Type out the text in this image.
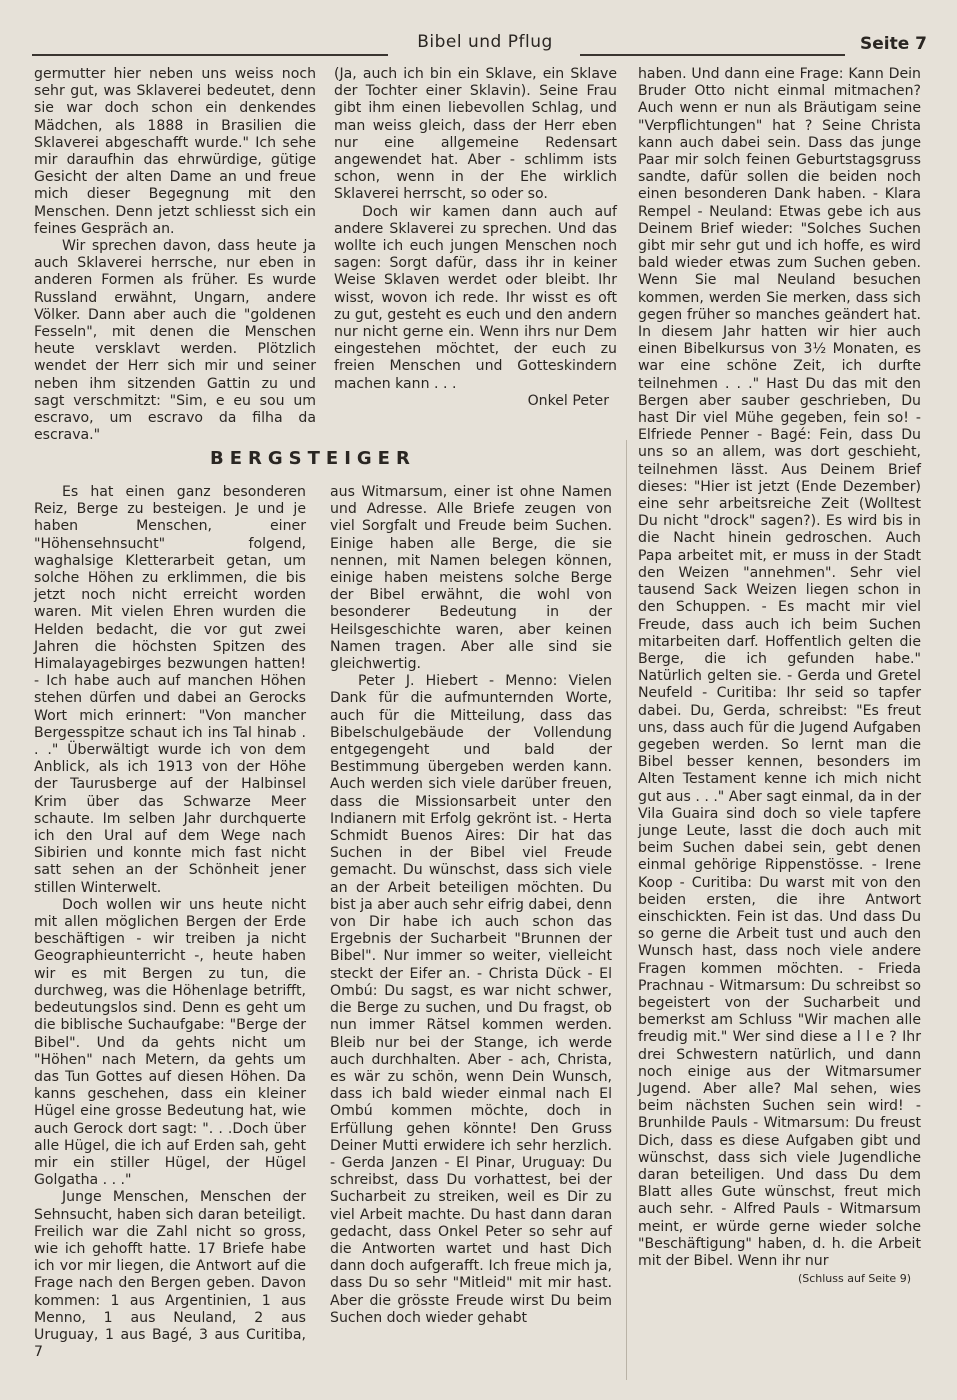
Bibel und Pflug	Seite 7

germutter hier neben uns weiss noch sehr gut, was Sklaverei bedeutet, denn sie war doch schon ein denkendes Mädchen, als 1888 in Brasilien die Sklaverei abgeschafft wurde." Ich sehe mir daraufhin das ehrwürdige, gütige Gesicht der alten Dame an und freue mich dieser Begegnung mit den Menschen. Denn jetzt schliesst sich ein feines Gespräch an.

Wir sprechen davon, dass heute ja auch Sklaverei herrsche, nur eben in anderen Formen als früher. Es wurde Russland erwähnt, Ungarn, andere Völker. Dann aber auch die "goldenen Fesseln", mit denen die Menschen heute versklavt werden. Plötzlich wendet der Herr sich mir und seiner neben ihm sitzenden Gattin zu und sagt verschmitzt: "Sim, e eu sou um escravo, um escravo da filha da escrava."

(Ja, auch ich bin ein Sklave, ein Sklave der Tochter einer Sklavin). Seine Frau gibt ihm einen liebevollen Schlag, und man weiss gleich, dass der Herr eben nur eine allgemeine Redensart angewendet hat. Aber - schlimm ists schon, wenn in der Ehe wirklich Sklaverei herrscht, so oder so.

Doch wir kamen dann auch auf andere Sklaverei zu sprechen. Und das wollte ich euch jungen Menschen noch sagen: Sorgt dafür, dass ihr in keiner Weise Sklaven werdet oder bleibt. Ihr wisst, wovon ich rede. Ihr wisst es oft zu gut, gesteht es euch und den andern nur nicht gerne ein. Wenn ihrs nur Dem eingestehen möchtet, der euch zu freien Menschen und Gotteskindern machen kann . . .

Onkel Peter

BERGSTEIGER

Es hat einen ganz besonderen Reiz, Berge zu besteigen. Je und je haben Menschen, einer "Höhensehnsucht" folgend, waghalsige Kletterarbeit getan, um solche Höhen zu erklimmen, die bis jetzt noch nicht erreicht worden waren. Mit vielen Ehren wurden die Helden bedacht, die vor gut zwei Jahren die höchsten Spitzen des Himalayagebirges bezwungen hatten! - Ich habe auch auf manchen Höhen stehen dürfen und dabei an Gerocks Wort mich erinnert: "Von mancher Bergesspitze schaut ich ins Tal hinab . . ." Überwältigt wurde ich von dem Anblick, als ich 1913 von der Höhe der Taurusberge auf der Halbinsel Krim über das Schwarze Meer schaute. Im selben Jahr durchquerte ich den Ural auf dem Wege nach Sibirien und konnte mich fast nicht satt sehen an der Schönheit jener stillen Winterwelt.

Doch wollen wir uns heute nicht mit allen möglichen Bergen der Erde beschäftigen - wir treiben ja nicht Geographieunterricht -, heute haben wir es mit Bergen zu tun, die durchweg, was die Höhenlage betrifft, bedeutungslos sind. Denn es geht um die biblische Suchaufgabe: "Berge der Bibel". Und da gehts nicht um "Höhen" nach Metern, da gehts um das Tun Gottes auf diesen Höhen. Da kanns geschehen, dass ein kleiner Hügel eine grosse Bedeutung hat, wie auch Gerock dort sagt: ". . .Doch über alle Hügel, die ich auf Erden sah, geht mir ein stiller Hügel, der Hügel Golgatha . . ."

Junge Menschen, Menschen der Sehnsucht, haben sich daran beteiligt. Freilich war die Zahl nicht so gross, wie ich gehofft hatte. 17 Briefe habe ich vor mir liegen, die Antwort auf die Frage nach den Bergen geben. Davon kommen: 1 aus Argentinien, 1 aus Menno, 1 aus Neuland, 2 aus Uruguay, 1 aus Bagé, 3 aus Curitiba, 7

aus Witmarsum, einer ist ohne Namen und Adresse. Alle Briefe zeugen von viel Sorgfalt und Freude beim Suchen. Einige haben alle Berge, die sie nennen, mit Namen belegen können, einige haben meistens solche Berge der Bibel erwähnt, die wohl von besonderer Bedeutung in der Heilsgeschichte waren, aber keinen Namen tragen. Aber alle sind sie gleichwertig.

Peter J. Hiebert - Menno: Vielen Dank für die aufmunternden Worte, auch für die Mitteilung, dass das Bibelschulgebäude der Vollendung entgegengeht und bald der Bestimmung übergeben werden kann. Auch werden sich viele darüber freuen, dass die Missionsarbeit unter den Indianern mit Erfolg gekrönt ist. - Herta Schmidt Buenos Aires: Dir hat das Suchen in der Bibel viel Freude gemacht. Du wünschst, dass sich viele an der Arbeit beteiligen möchten. Du bist ja aber auch sehr eifrig dabei, denn von Dir habe ich auch schon das Ergebnis der Sucharbeit "Brunnen der Bibel". Nur immer so weiter, vielleicht steckt der Eifer an. - Christa Dück - El Ombú: Du sagst, es war nicht schwer, die Berge zu suchen, und Du fragst, ob nun immer Rätsel kommen werden. Bleib nur bei der Stange, ich werde auch durchhalten. Aber - ach, Christa, es wär zu schön, wenn Dein Wunsch, dass ich bald wieder einmal nach El Ombú kommen möchte, doch in Erfüllung gehen könnte! Den Gruss Deiner Mutti erwidere ich sehr herzlich. - Gerda Janzen - El Pinar, Uruguay: Du schreibst, dass Du vorhattest, bei der Sucharbeit zu streiken, weil es Dir zu viel Arbeit machte. Du hast dann daran gedacht, dass Onkel Peter so sehr auf die Antworten wartet und hast Dich dann doch aufgerafft. Ich freue mich ja, dass Du so sehr "Mitleid" mit mir hast. Aber die grösste Freude wirst Du beim Suchen doch wieder gehabt

haben. Und dann eine Frage: Kann Dein Bruder Otto nicht einmal mitmachen? Auch wenn er nun als Bräutigam seine "Verpflichtungen" hat ? Seine Christa kann auch dabei sein. Dass das junge Paar mir solch feinen Geburtstagsgruss sandte, dafür sollen die beiden noch einen besonderen Dank haben. - Klara Rempel - Neuland: Etwas gebe ich aus Deinem Brief wieder: "Solches Suchen gibt mir sehr gut und ich hoffe, es wird bald wieder etwas zum Suchen geben. Wenn Sie mal Neuland besuchen kommen, werden Sie merken, dass sich gegen früher so manches geändert hat. In diesem Jahr hatten wir hier auch einen Bibelkursus von 3½ Monaten, es war eine schöne Zeit, ich durfte teilnehmen . . ." Hast Du das mit den Bergen aber sauber geschrieben, Du hast Dir viel Mühe gegeben, fein so! - Elfriede Penner - Bagé: Fein, dass Du uns so an allem, was dort geschieht, teilnehmen lässt. Aus Deinem Brief dieses: "Hier ist jetzt (Ende Dezember) eine sehr arbeitsreiche Zeit (Wolltest Du nicht "drock" sagen?). Es wird bis in die Nacht hinein gedroschen. Auch Papa arbeitet mit, er muss in der Stadt den Weizen "annehmen". Sehr viel tausend Sack Weizen liegen schon in den Schuppen. - Es macht mir viel Freude, dass auch ich beim Suchen mitarbeiten darf. Hoffentlich gelten die Berge, die ich gefunden habe." Natürlich gelten sie. - Gerda und Gretel Neufeld - Curitiba: Ihr seid so tapfer dabei. Du, Gerda, schreibst: "Es freut uns, dass auch für die Jugend Aufgaben gegeben werden. So lernt man die Bibel besser kennen, besonders im Alten Testament kenne ich mich nicht gut aus . . ." Aber sagt einmal, da in der Vila Guaira sind doch so viele tapfere junge Leute, lasst die doch auch mit beim Suchen dabei sein, gebt denen einmal gehörige Rippenstösse. - Irene Koop - Curitiba: Du warst mit von den beiden ersten, die ihre Antwort einschickten. Fein ist das. Und dass Du so gerne die Arbeit tust und auch den Wunsch hast, dass noch viele andere Fragen kommen möchten. - Frieda Prachnau - Witmarsum: Du schreibst so begeistert von der Sucharbeit und bemerkst am Schluss "Wir machen alle freudig mit." Wer sind diese a l l e ? Ihr drei Schwestern natürlich, und dann noch einige aus der Witmarsumer Jugend. Aber alle? Mal sehen, wies beim nächsten Suchen sein wird! - Brunhilde Pauls - Witmarsum: Du freust Dich, dass es diese Aufgaben gibt und wünschst, dass sich viele Jugendliche daran beteiligen. Und dass Du dem Blatt alles Gute wünschst, freut mich auch sehr. - Alfred Pauls - Witmarsum meint, er würde gerne wieder solche "Beschäftigung" haben, d. h. die Arbeit mit der Bibel. Wenn ihr nur

(Schluss auf Seite 9)
